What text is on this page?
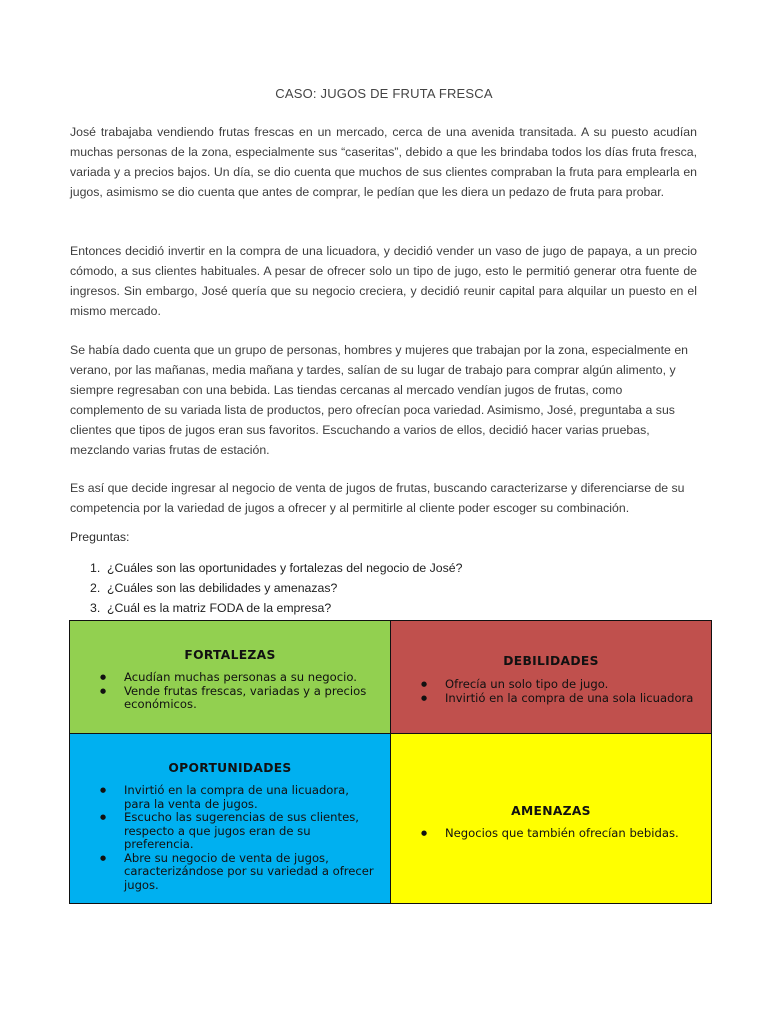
CASO: JUGOS DE FRUTA FRESCA

José trabajaba vendiendo frutas frescas en un mercado, cerca de una avenida transitada. A su puesto acudían muchas personas de la zona, especialmente sus “caseritas”, debido a que les brindaba todos los días fruta fresca, variada y a precios bajos. Un día, se dio cuenta que muchos de sus clientes compraban la fruta para emplearla en jugos, asimismo se dio cuenta que antes de comprar, le pedían que les diera un pedazo de fruta para probar.

Entonces decidió invertir en la compra de una licuadora, y decidió vender un vaso de jugo de papaya, a un precio cómodo, a sus clientes habituales. A pesar de ofrecer solo un tipo de jugo, esto le permitió generar otra fuente de ingresos. Sin embargo, José quería que su negocio creciera, y decidió reunir capital para alquilar un puesto en el mismo mercado.

Se había dado cuenta que un grupo de personas, hombres y mujeres que trabajan por la zona, especialmente en verano, por las mañanas, media mañana y tardes, salían de su lugar de trabajo para comprar algún alimento, y siempre regresaban con una bebida. Las tiendas cercanas al mercado vendían jugos de frutas, como complemento de su variada lista de productos, pero ofrecían poca variedad. Asimismo, José, preguntaba a sus clientes que tipos de jugos eran sus favoritos. Escuchando a varios de ellos, decidió hacer varias pruebas, mezclando varias frutas de estación.

Es así que decide ingresar al negocio de venta de jugos de frutas, buscando caracterizarse y diferenciarse de su competencia por la variedad de jugos a ofrecer y al permitirle al cliente poder escoger su combinación.

Preguntas:
1. ¿Cuáles son las oportunidades y fortalezas del negocio de José?
2. ¿Cuáles son las debilidades y amenazas?
3. ¿Cuál es la matriz FODA de la empresa?
FORTALEZAS
● Acudían muchas personas a su negocio.
● Vende frutas frescas, variadas y a precios económicos.
DEBILIDADES
● Ofrecía un solo tipo de jugo.
● Invirtió en la compra de una sola licuadora
OPORTUNIDADES
● Invirtió en la compra de una licuadora, para la venta de jugos.
● Escucho las sugerencias de sus clientes, respecto a que jugos eran de su preferencia.
● Abre su negocio de venta de jugos, caracterizándose por su variedad a ofrecer jugos.
AMENAZAS
● Negocios que también ofrecían bebidas.
